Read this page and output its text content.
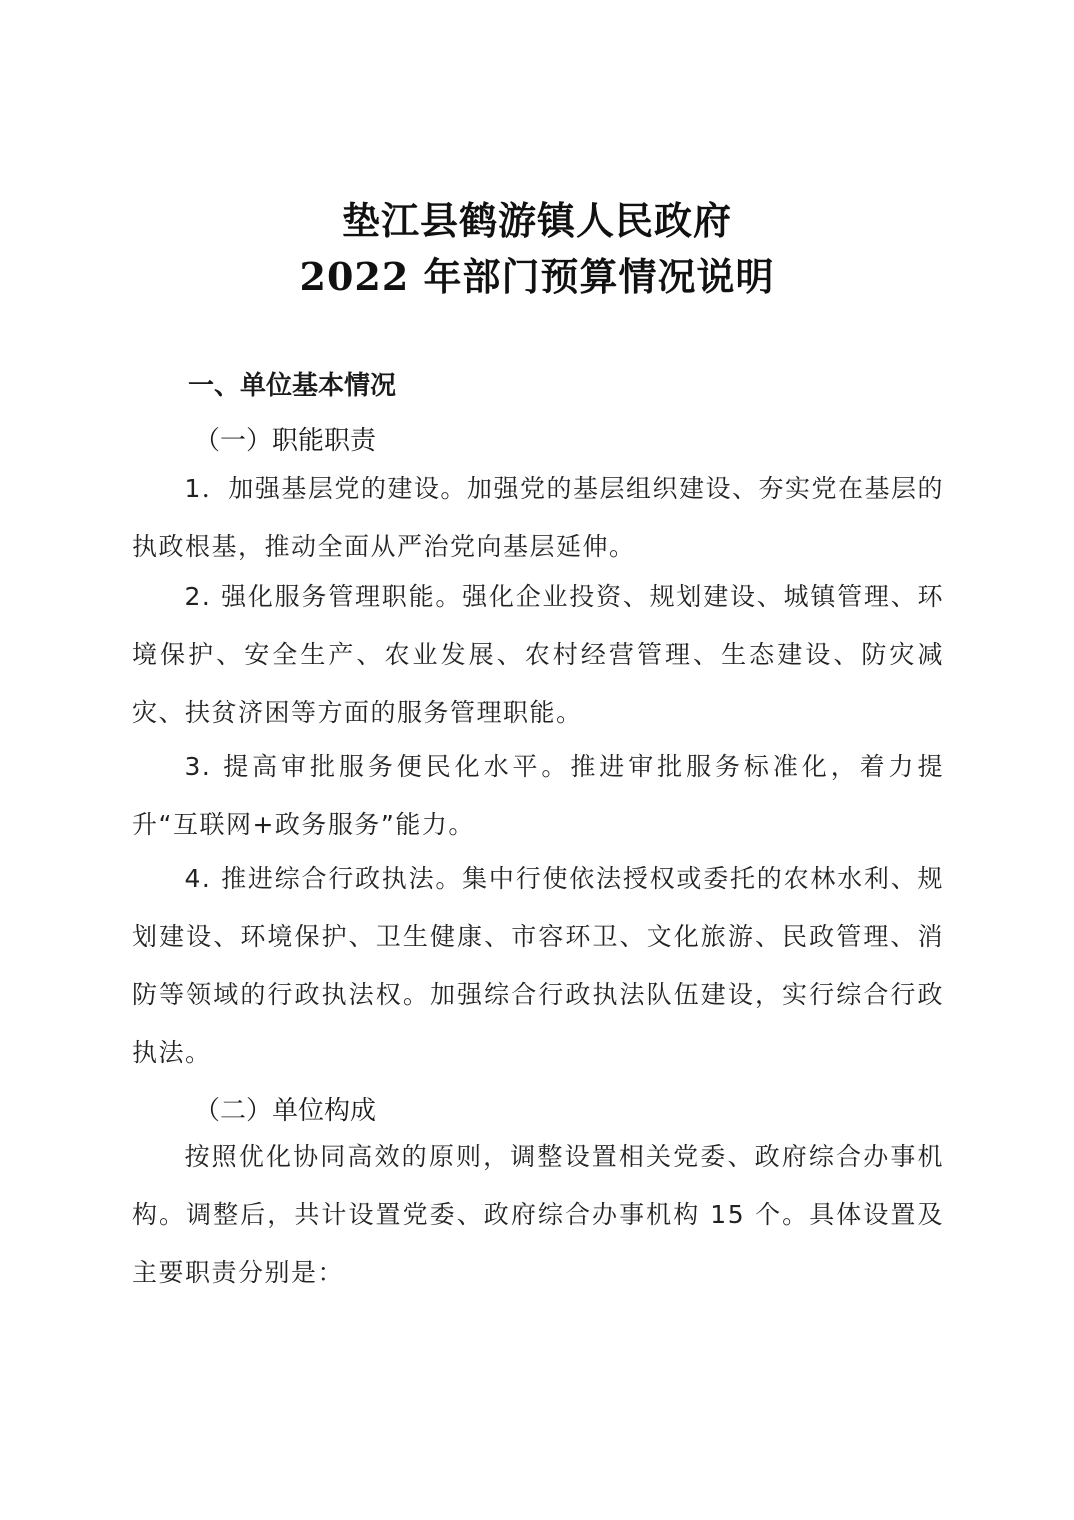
垫江县鹤游镇人民政府
2022 年部门预算情况说明
一、单位基本情况
（一）职能职责
1．加强基层党的建设。加强党的基层组织建设、夯实党在基层的执政根基，推动全面从严治党向基层延伸。
2. 强化服务管理职能。强化企业投资、规划建设、城镇管理、环境保护、安全生产、农业发展、农村经营管理、生态建设、防灾减灾、扶贫济困等方面的服务管理职能。
3. 提高审批服务便民化水平。推进审批服务标准化，着力提升“互联网+政务服务”能力。
4. 推进综合行政执法。集中行使依法授权或委托的农林水利、规划建设、环境保护、卫生健康、市容环卫、文化旅游、民政管理、消防等领域的行政执法权。加强综合行政执法队伍建设，实行综合行政执法。
（二）单位构成
按照优化协同高效的原则，调整设置相关党委、政府综合办事机构。调整后，共计设置党委、政府综合办事机构 15 个。具体设置及主要职责分别是：
